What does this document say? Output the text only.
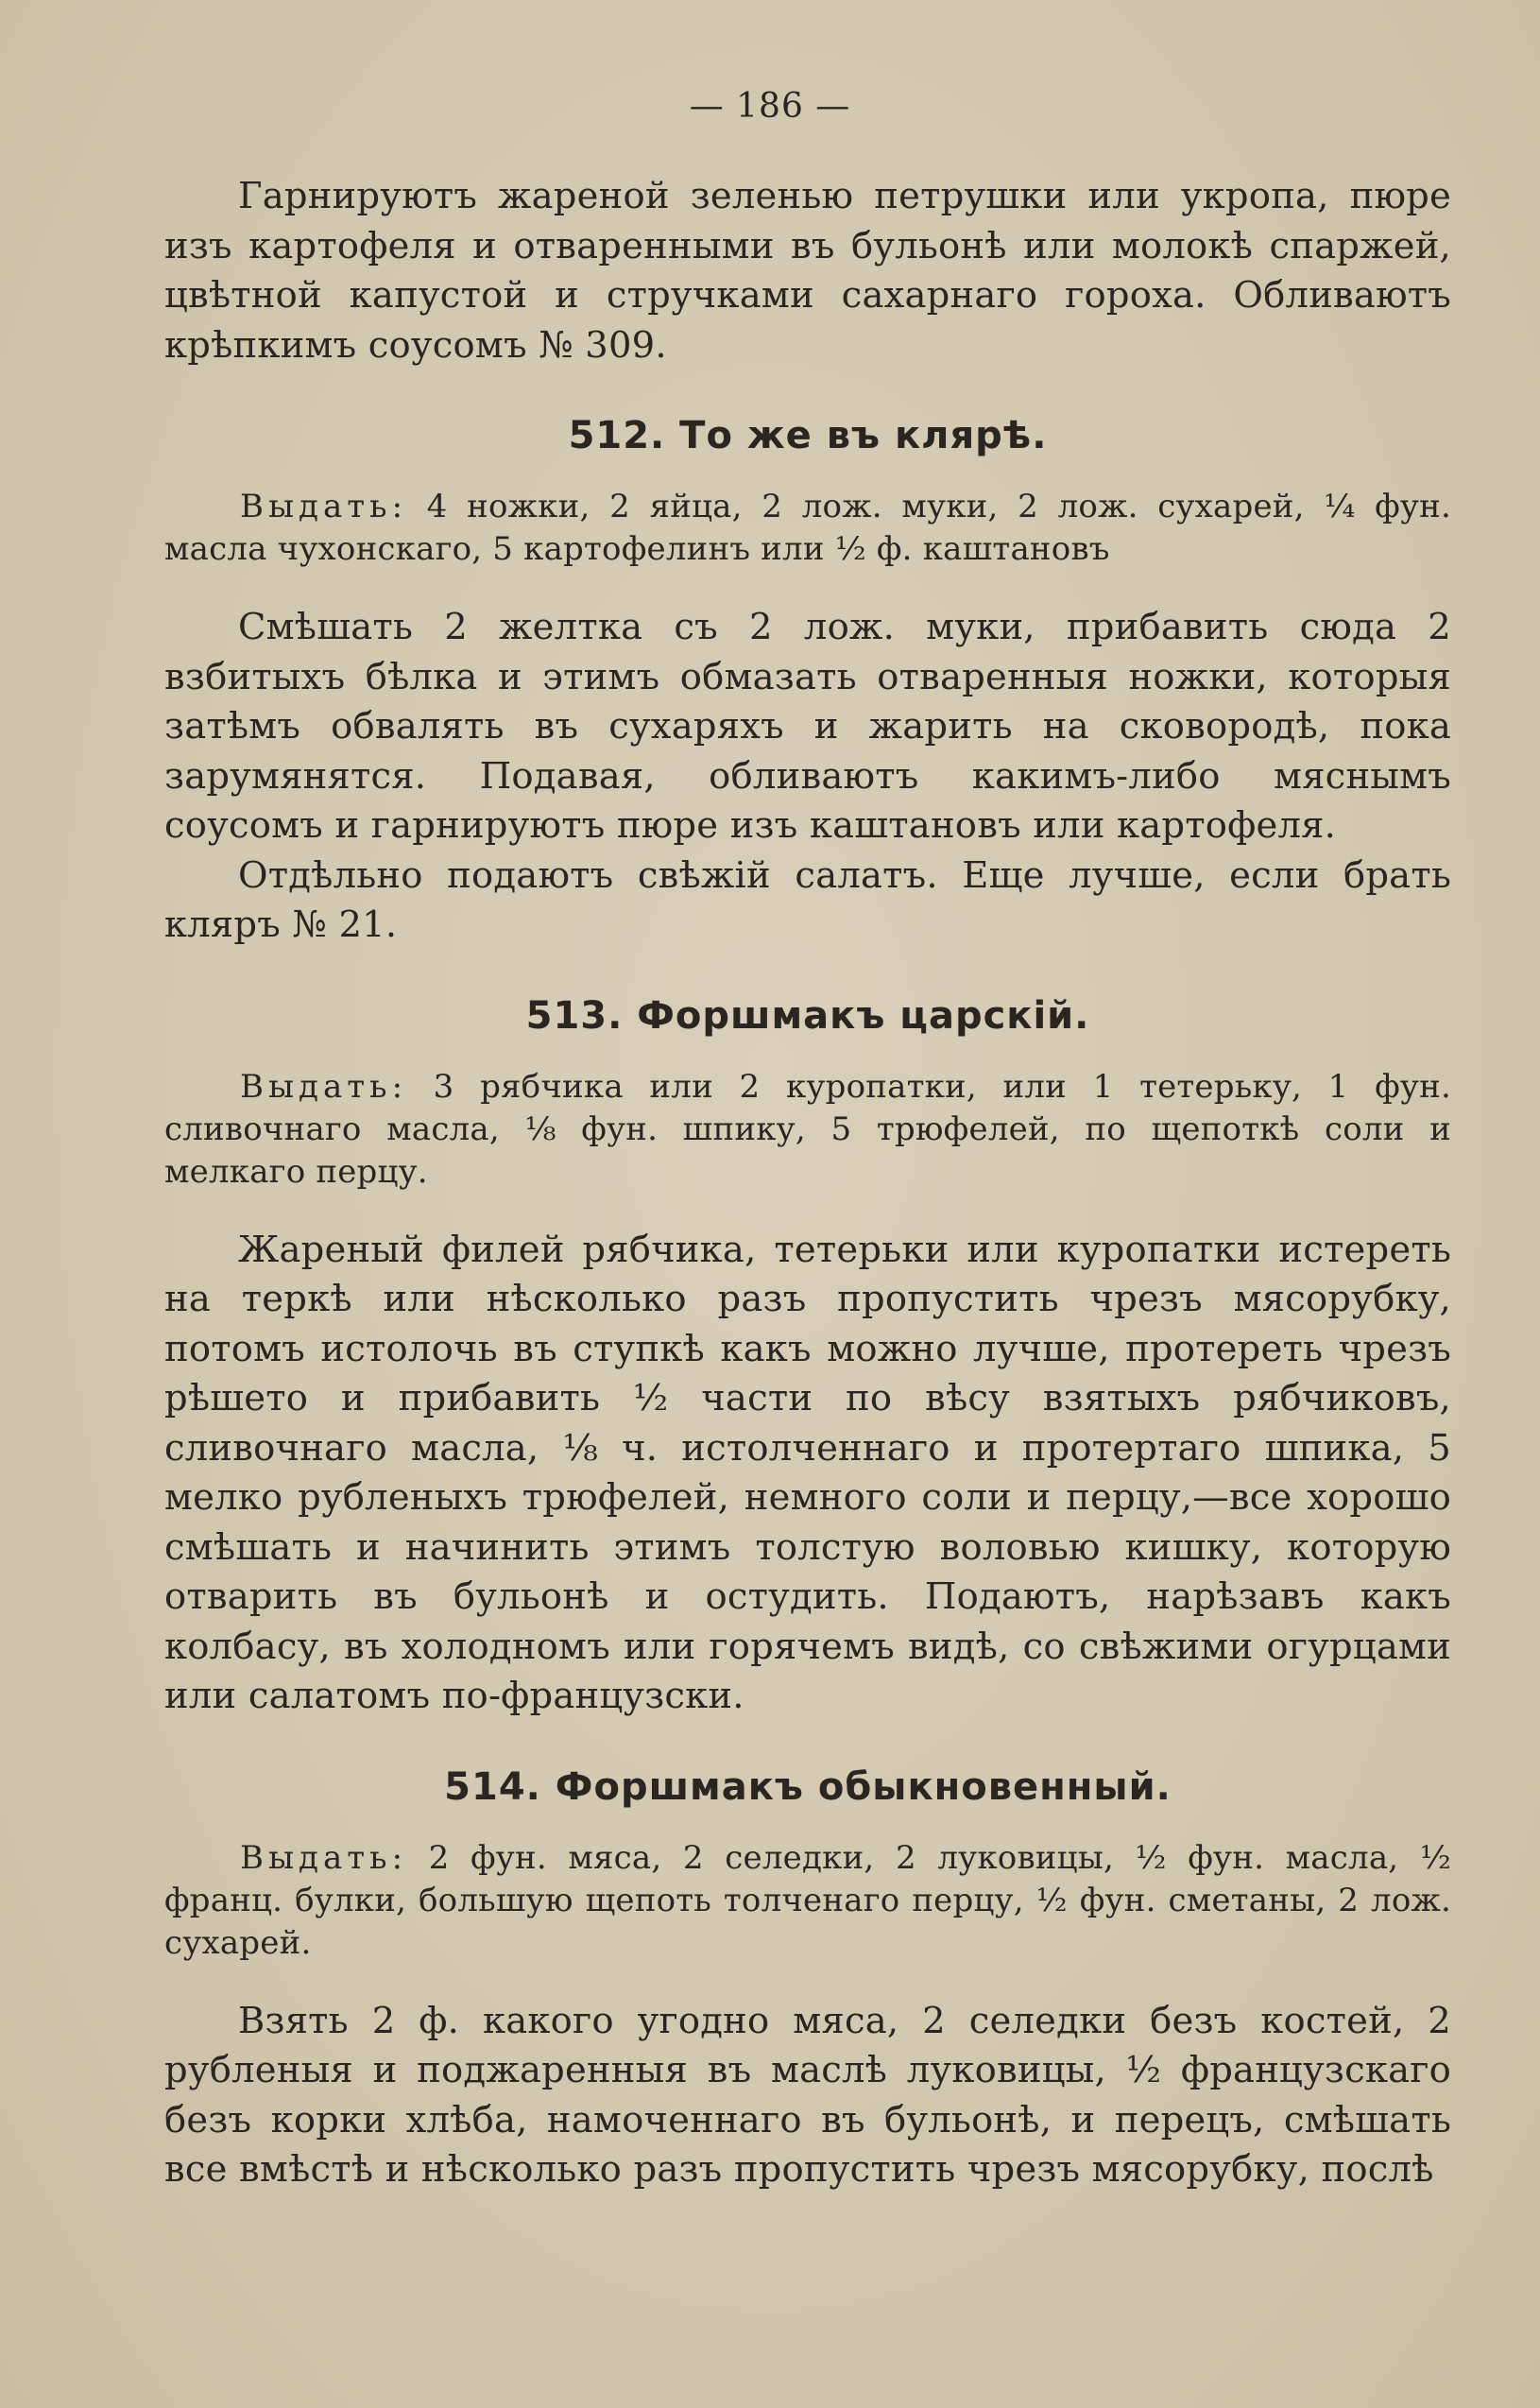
— 186 —

Гарнируютъ жареной зеленью петрушки или укропа, пюре изъ картофеля и отваренными въ бульонѣ или молокѣ спаржей, цвѣтной капустой и стручками сахарнаго гороха. Обливаютъ крѣпкимъ соусомъ № 309.

512. То же въ клярѣ.

Выдать: 4 ножки, 2 яйца, 2 лож. муки, 2 лож. сухарей, ¼ фун. масла чухонскаго, 5 картофелинъ или ½ ф. каштановъ

Смѣшать 2 желтка съ 2 лож. муки, прибавить сюда 2 взбитыхъ бѣлка и этимъ обмазать отваренныя ножки, которыя затѣмъ обвалять въ сухаряхъ и жарить на сковородѣ, пока зарумянятся. Подавая, обливаютъ какимъ-либо мяснымъ соусомъ и гарнируютъ пюре изъ каштановъ или картофеля.

Отдѣльно подаютъ свѣжій салатъ. Еще лучше, если брать кляръ № 21.

513. Форшмакъ царскій.

Выдать: 3 рябчика или 2 куропатки, или 1 тетерьку, 1 фун. сливочнаго масла, ⅛ фун. шпику, 5 трюфелей, по щепоткѣ соли и мелкаго перцу.

Жареный филей рябчика, тетерьки или куропатки истереть на теркѣ или нѣсколько разъ пропустить чрезъ мясорубку, потомъ истолочь въ ступкѣ какъ можно лучше, протереть чрезъ рѣшето и прибавить ½ части по вѣсу взятыхъ рябчиковъ, сливочнаго масла, ⅛ ч. истолченнаго и протертаго шпика, 5 мелко рубленыхъ трюфелей, немного соли и перцу,—все хорошо смѣшать и начинить этимъ толстую воловью кишку, которую отварить въ бульонѣ и остудить. Подаютъ, нарѣзавъ какъ колбасу, въ холодномъ или горячемъ видѣ, со свѣжими огурцами или салатомъ по-французски.

514. Форшмакъ обыкновенный.

Выдать: 2 фун. мяса, 2 селедки, 2 луковицы, ½ фун. масла, ½ франц. булки, большую щепоть толченаго перцу, ½ фун. сметаны, 2 лож. сухарей.

Взять 2 ф. какого угодно мяса, 2 селедки безъ костей, 2 рубленыя и поджаренныя въ маслѣ луковицы, ½ французскаго безъ корки хлѣба, намоченнаго въ бульонѣ, и перецъ, смѣшать все вмѣстѣ и нѣсколько разъ пропустить чрезъ мясорубку, послѣ
